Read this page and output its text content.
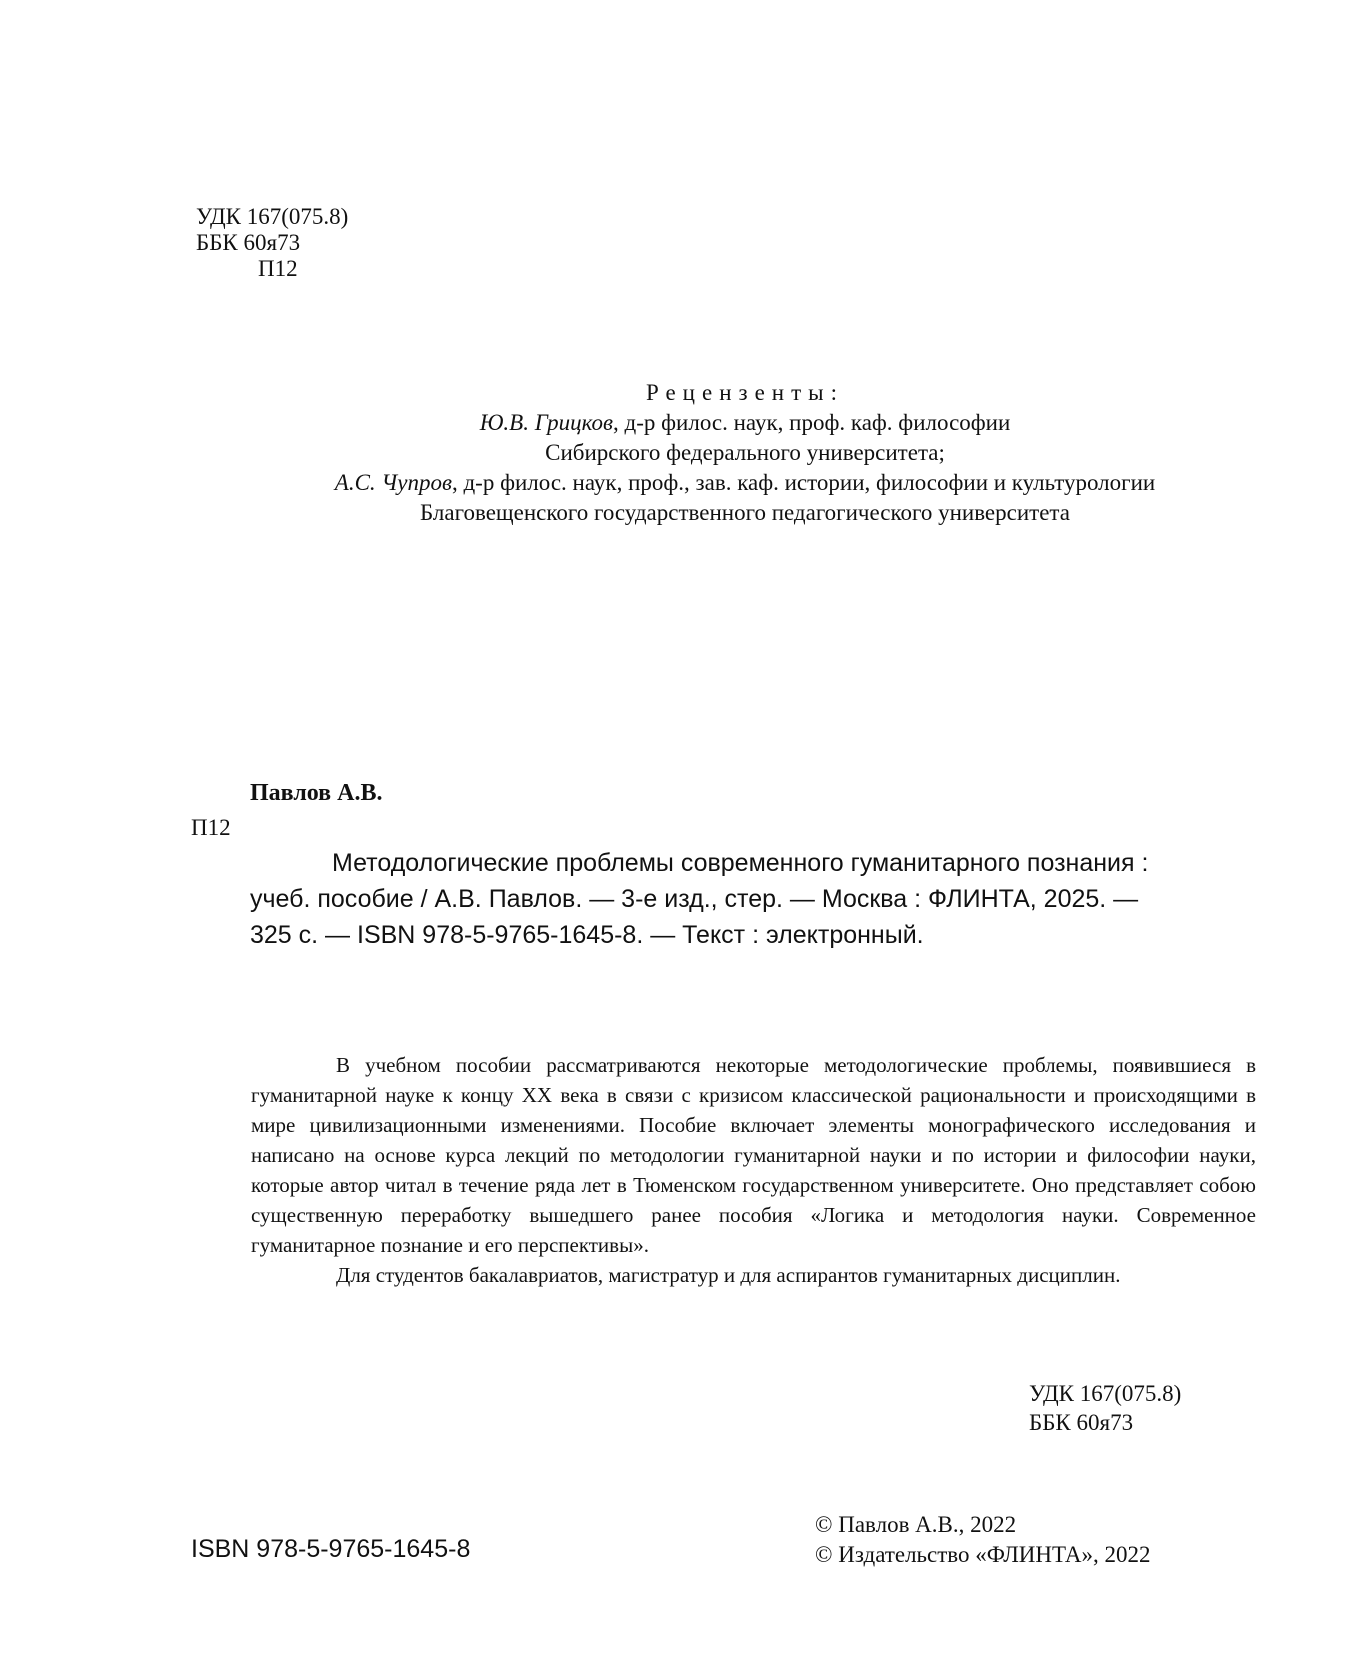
УДК 167(075.8)
ББК 60я73
П12
Рецензенты:
Ю.В. Грицков, д-р филос. наук, проф. каф. философии
Сибирского федерального университета;
А.С. Чупров, д-р филос. наук, проф., зав. каф. истории, философии и культурологии
Благовещенского государственного педагогического университета
Павлов А.В.
П12
Методологические проблемы современного гуманитарного познания :
учеб. пособие / А.В. Павлов. — 3-е изд., стер. — Москва : ФЛИНТА, 2025. —
325 с. — ISBN 978-5-9765-1645-8. — Текст : электронный.

В учебном пособии рассматриваются некоторые методологические проблемы, появившиеся в гуманитарной науке к концу XX века в связи с кризисом классической рациональности и происходящими в мире цивилизационными изменениями. Пособие включает элементы монографического исследования и написано на основе курса лекций по методологии гуманитарной науки и по истории и философии науки, которые автор читал в течение ряда лет в Тюменском государственном университете. Оно представляет собою существенную переработку вышедшего ранее пособия «Логика и методология науки. Современное гуманитарное познание и его перспективы».

Для студентов бакалавриатов, магистратур и для аспирантов гуманитарных дисциплин.

УДК 167(075.8)
ББК 60я73
ISBN 978-5-9765-1645-8
© Павлов А.В., 2022
© Издательство «ФЛИНТА», 2022
